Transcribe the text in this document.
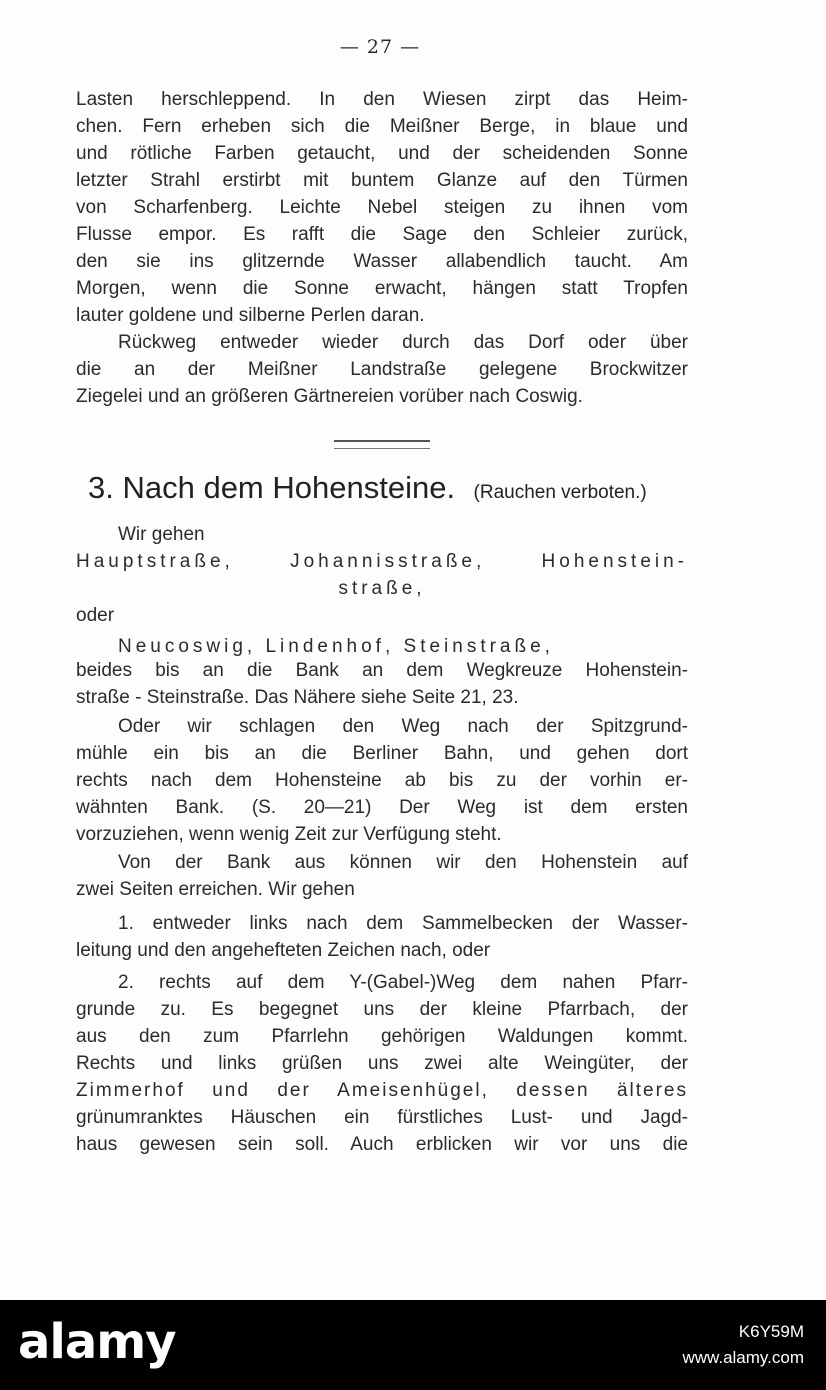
— 27 —
Lasten herschleppend. In den Wiesen zirpt das Heim-
chen. Fern erheben sich die Meißner Berge, in blaue und
und rötliche Farben getaucht, und der scheidenden Sonne
letzter Strahl erstirbt mit buntem Glanze auf den Türmen
von Scharfenberg. Leichte Nebel steigen zu ihnen vom
Flusse empor. Es rafft die Sage den Schleier zurück,
den sie ins glitzernde Wasser allabendlich taucht. Am
Morgen, wenn die Sonne erwacht, hängen statt Tropfen
lauter goldene und silberne Perlen daran.
Rückweg entweder wieder durch das Dorf oder über
die an der Meißner Landstraße gelegene Brockwitzer
Ziegelei und an größeren Gärtnereien vorüber nach Coswig.
3. Nach dem Hohensteine. (Rauchen verboten.)
Wir gehen
Hauptstraße, Johannisstraße, Hohenstein-
straße,
oder
Neucoswig, Lindenhof, Steinstraße,
beides bis an die Bank an dem Wegkreuze Hohenstein-
straße - Steinstraße. Das Nähere siehe Seite 21, 23.
Oder wir schlagen den Weg nach der Spitzgrund-
mühle ein bis an die Berliner Bahn, und gehen dort
rechts nach dem Hohensteine ab bis zu der vorhin er-
wähnten Bank. (S. 20—21) Der Weg ist dem ersten
vorzuziehen, wenn wenig Zeit zur Verfügung steht.
Von der Bank aus können wir den Hohenstein auf
zwei Seiten erreichen. Wir gehen
1. entweder links nach dem Sammelbecken der Wasser-
leitung und den angehefteten Zeichen nach, oder
2. rechts auf dem Y-(Gabel-)Weg dem nahen Pfarr-
grunde zu. Es begegnet uns der kleine Pfarrbach, der
aus den zum Pfarrlehn gehörigen Waldungen kommt.
Rechts und links grüßen uns zwei alte Weingüter, der
Zimmerhof und der Ameisenhügel, dessen älteres
grünumranktes Häuschen ein fürstliches Lust- und Jagd-
haus gewesen sein soll. Auch erblicken wir vor uns die
alamy	K6Y59M
www.alamy.com
